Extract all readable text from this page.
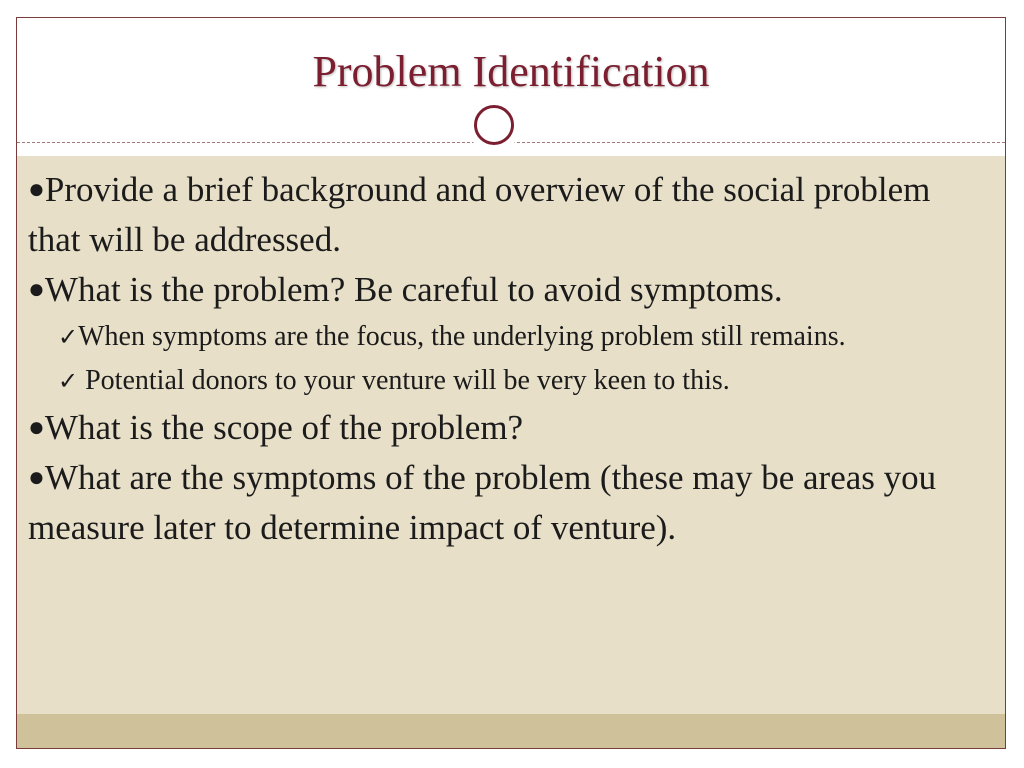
Problem Identification

●Provide a brief background and overview of the social problem that will be addressed.

●What is the problem? Be careful to avoid symptoms.

✓When symptoms are the focus, the underlying problem still remains.

✓ Potential donors to your venture will be very keen to this.

●What is the scope of the problem?

●What are the symptoms of the problem (these may be areas you measure later to determine impact of venture).
